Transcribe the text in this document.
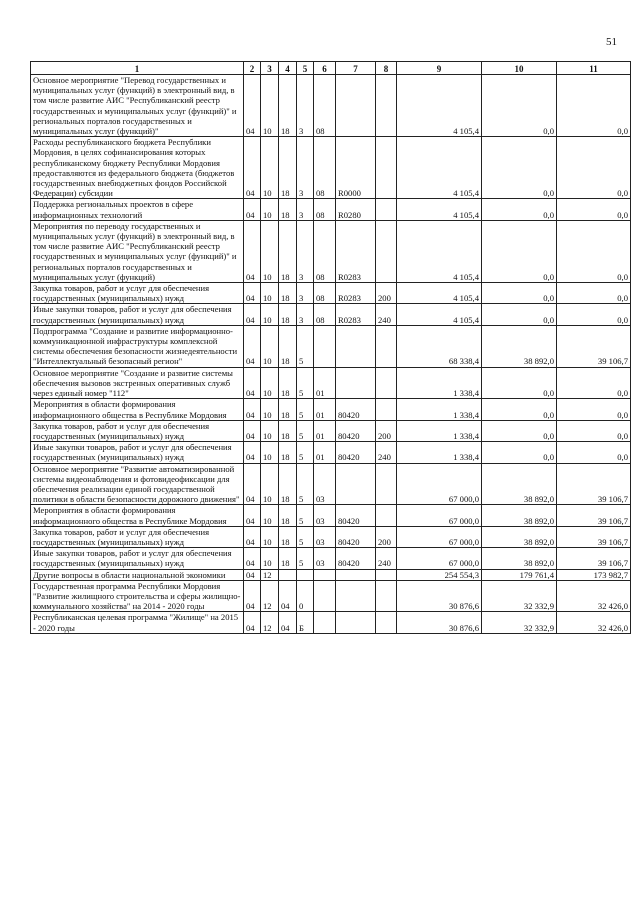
51
1	2	3	4	5	6	7	8	9	10	11
Основное мероприятие "Перевод государственных и муниципальных услуг (функций) в электронный вид, в том числе развитие АИС "Республиканский реестр государственных и муниципальных услуг (функций)" и региональных порталов государственных и муниципальных услуг (функций)"	04	10	18	3	08			4 105,4	0,0	0,0
Расходы республиканского бюджета Республики Мордовия, в целях софинансирования которых республиканскому бюджету Республики Мордовия предоставляются из федерального бюджета (бюджетов государственных внебюджетных фондов Российской Федерации) субсидии	04	10	18	3	08	R0000		4 105,4	0,0	0,0
Поддержка региональных проектов в сфере информационных технологий	04	10	18	3	08	R0280		4 105,4	0,0	0,0
Мероприятия по переводу государственных и муниципальных услуг (функций) в электронный вид, в том числе развитие АИС "Республиканский реестр государственных и муниципальных услуг (функций)" и региональных порталов государственных и муниципальных услуг (функций)	04	10	18	3	08	R0283		4 105,4	0,0	0,0
Закупка товаров, работ и услуг для обеспечения государственных (муниципальных) нужд	04	10	18	3	08	R0283	200	4 105,4	0,0	0,0
Иные закупки товаров, работ и услуг для обеспечения государственных (муниципальных) нужд	04	10	18	3	08	R0283	240	4 105,4	0,0	0,0
Подпрограмма "Создание и развитие информационно-коммуникационной инфраструктуры комплексной системы обеспечения безопасности жизнедеятельности "Интеллектуальный безопасный регион"	04	10	18	5				68 338,4	38 892,0	39 106,7
Основное мероприятие "Создание и развитие системы обеспечения вызовов экстренных оперативных служб через единый номер "112"	04	10	18	5	01			1 338,4	0,0	0,0
Мероприятия в области формирования информационного общества в Республике Мордовия	04	10	18	5	01	80420		1 338,4	0,0	0,0
Закупка товаров, работ и услуг для обеспечения государственных (муниципальных) нужд	04	10	18	5	01	80420	200	1 338,4	0,0	0,0
Иные закупки товаров, работ и услуг для обеспечения государственных (муниципальных) нужд	04	10	18	5	01	80420	240	1 338,4	0,0	0,0
Основное мероприятие "Развитие автоматизированной системы видеонаблюдения и фотовидеофиксации для обеспечения реализации единой государственной политики в области безопасности дорожного движения"	04	10	18	5	03			67 000,0	38 892,0	39 106,7
Мероприятия в области формирования информационного общества в Республике Мордовия	04	10	18	5	03	80420		67 000,0	38 892,0	39 106,7
Закупка товаров, работ и услуг для обеспечения государственных (муниципальных) нужд	04	10	18	5	03	80420	200	67 000,0	38 892,0	39 106,7
Иные закупки товаров, работ и услуг для обеспечения государственных (муниципальных) нужд	04	10	18	5	03	80420	240	67 000,0	38 892,0	39 106,7
Другие вопросы в области национальной экономики	04	12						254 554,3	179 761,4	173 982,7
Государственная программа Республики Мордовия "Развитие жилищного строительства и сферы жилищно-коммунального хозяйства" на 2014 - 2020 годы	04	12	04	0				30 876,6	32 332,9	32 426,0
Республиканская целевая программа "Жилище" на 2015 - 2020 годы	04	12	04	Б				30 876,6	32 332,9	32 426,0
